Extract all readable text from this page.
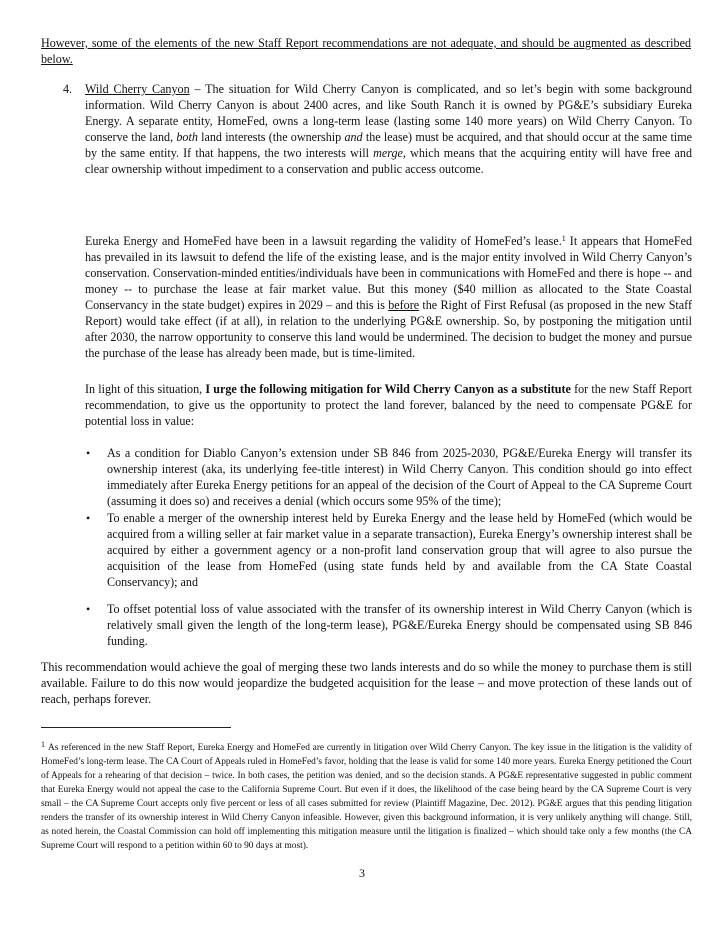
However, some of the elements of the new Staff Report recommendations are not adequate, and should be augmented as described below.

4. Wild Cherry Canyon – The situation for Wild Cherry Canyon is complicated, and so let’s begin with some background information. Wild Cherry Canyon is about 2400 acres, and like South Ranch it is owned by PG&E’s subsidiary Eureka Energy. A separate entity, HomeFed, owns a long-term lease (lasting some 140 more years) on Wild Cherry Canyon. To conserve the land, both land interests (the ownership and the lease) must be acquired, and that should occur at the same time by the same entity. If that happens, the two interests will merge, which means that the acquiring entity will have free and clear ownership without impediment to a conservation and public access outcome.

Eureka Energy and HomeFed have been in a lawsuit regarding the validity of HomeFed’s lease.$^1$ It appears that HomeFed has prevailed in its lawsuit to defend the life of the existing lease, and is the major entity involved in Wild Cherry Canyon’s conservation. Conservation-minded entities/individuals have been in communications with HomeFed and there is hope -- and money -- to purchase the lease at fair market value. But this money ($40 million as allocated to the State Coastal Conservancy in the state budget) expires in 2029 – and this is before the Right of First Refusal (as proposed in the new Staff Report) would take effect (if at all), in relation to the underlying PG&E ownership. So, by postponing the mitigation until after 2030, the narrow opportunity to conserve this land would be undermined. The decision to budget the money and pursue the purchase of the lease has already been made, but is time-limited.

In light of this situation, I urge the following mitigation for Wild Cherry Canyon as a substitute for the new Staff Report recommendation, to give us the opportunity to protect the land forever, balanced by the need to compensate PG&E for potential loss in value:

• As a condition for Diablo Canyon’s extension under SB 846 from 2025-2030, PG&E/Eureka Energy will transfer its ownership interest (aka, its underlying fee-title interest) in Wild Cherry Canyon. This condition should go into effect immediately after Eureka Energy petitions for an appeal of the decision of the Court of Appeal to the CA Supreme Court (assuming it does so) and receives a denial (which occurs some 95% of the time);

• To enable a merger of the ownership interest held by Eureka Energy and the lease held by HomeFed (which would be acquired from a willing seller at fair market value in a separate transaction), Eureka Energy’s ownership interest shall be acquired by either a government agency or a non-profit land conservation group that will agree to also pursue the acquisition of the lease from HomeFed (using state funds held by and available from the CA State Coastal Conservancy); and

• To offset potential loss of value associated with the transfer of its ownership interest in Wild Cherry Canyon (which is relatively small given the length of the long-term lease), PG&E/Eureka Energy should be compensated using SB 846 funding.

This recommendation would achieve the goal of merging these two lands interests and do so while the money to purchase them is still available. Failure to do this now would jeopardize the budgeted acquisition for the lease – and move protection of these lands out of reach, perhaps forever.

$^1$ As referenced in the new Staff Report, Eureka Energy and HomeFed are currently in litigation over Wild Cherry Canyon. The key issue in the litigation is the validity of HomeFed’s long-term lease. The CA Court of Appeals ruled in HomeFed’s favor, holding that the lease is valid for some 140 more years. Eureka Energy petitioned the Court of Appeals for a rehearing of that decision – twice. In both cases, the petition was denied, and so the decision stands. A PG&E representative suggested in public comment that Eureka Energy would not appeal the case to the California Supreme Court. But even if it does, the likelihood of the case being heard by the CA Supreme Court is very small – the CA Supreme Court accepts only five percent or less of all cases submitted for review (Plaintiff Magazine, Dec. 2012). PG&E argues that this pending litigation renders the transfer of its ownership interest in Wild Cherry Canyon infeasible. However, given this background information, it is very unlikely anything will change. Still, as noted herein, the Coastal Commission can hold off implementing this mitigation measure until the litigation is finalized – which should take only a few months (the CA Supreme Court will respond to a petition within 60 to 90 days at most).

3
